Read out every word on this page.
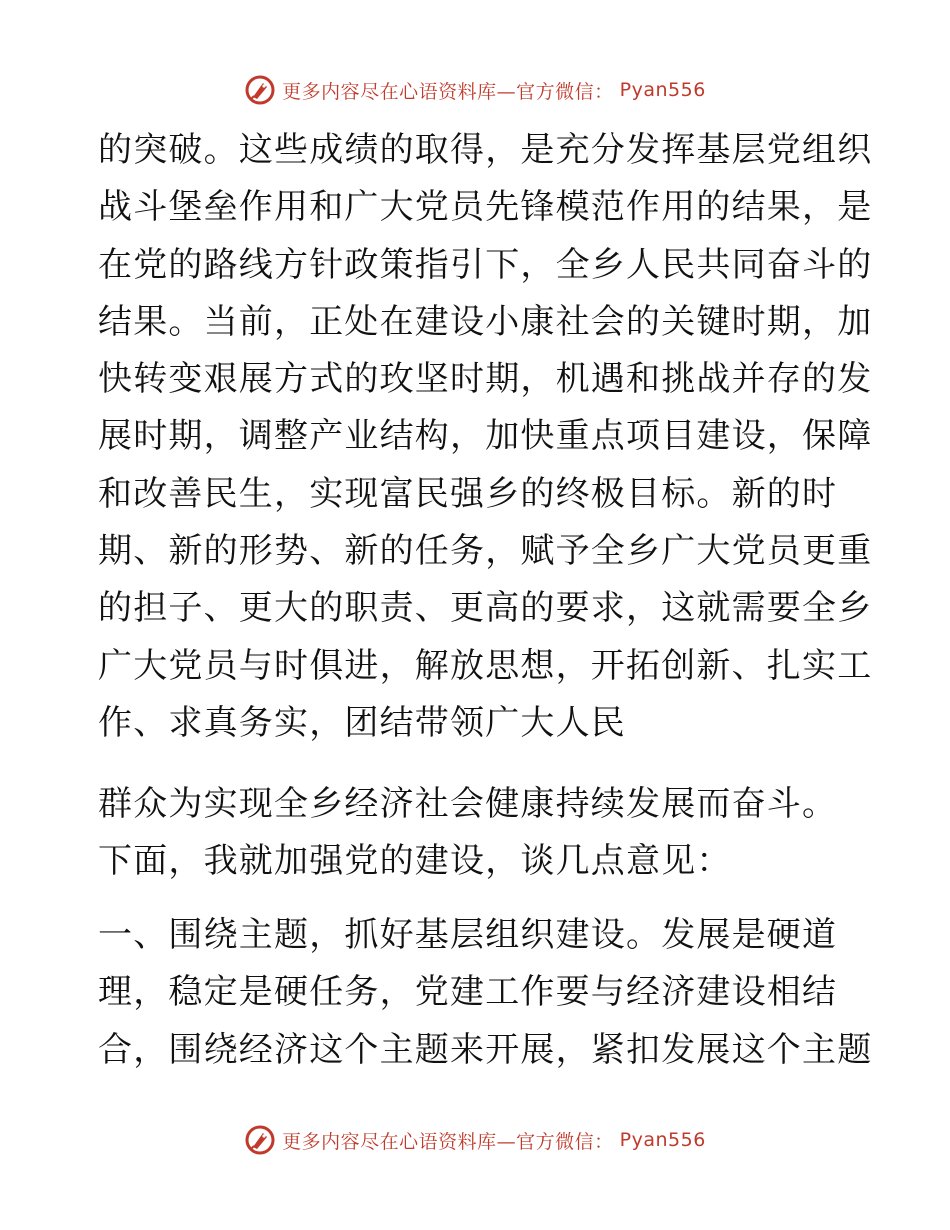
更多内容尽在心语资料库—官方微信： Pyan556
的突破。这些成绩的取得，是充分发挥基层党组织
战斗堡垒作用和广大党员先锋模范作用的结果，是
在党的路线方针政策指引下，全乡人民共同奋斗的
结果。当前，正处在建设小康社会的关键时期，加
快转变艰展方式的玫坚时期，机遇和挑战并存的发
展时期，调整产业结构，加快重点项目建设，保障
和改善民生，实现富民强乡的终极目标。新的时
期、新的形势、新的任务，赋予全乡广大党员更重
的担子、更大的职责、更高的要求，这就需要全乡
广大党员与时俱进，解放思想，开拓创新、扎实工
作、求真务实，团结带领广大人民
群众为实现全乡经济社会健康持续发展而奋斗。
下面，我就加强党的建设，谈几点意见：
一、围绕主题，抓好基层组织建设。发展是硬道
理，稳定是硬任务，党建工作要与经济建设相结
合，围绕经济这个主题来开展，紧扣发展这个主题
更多内容尽在心语资料库—官方微信： Pyan556
